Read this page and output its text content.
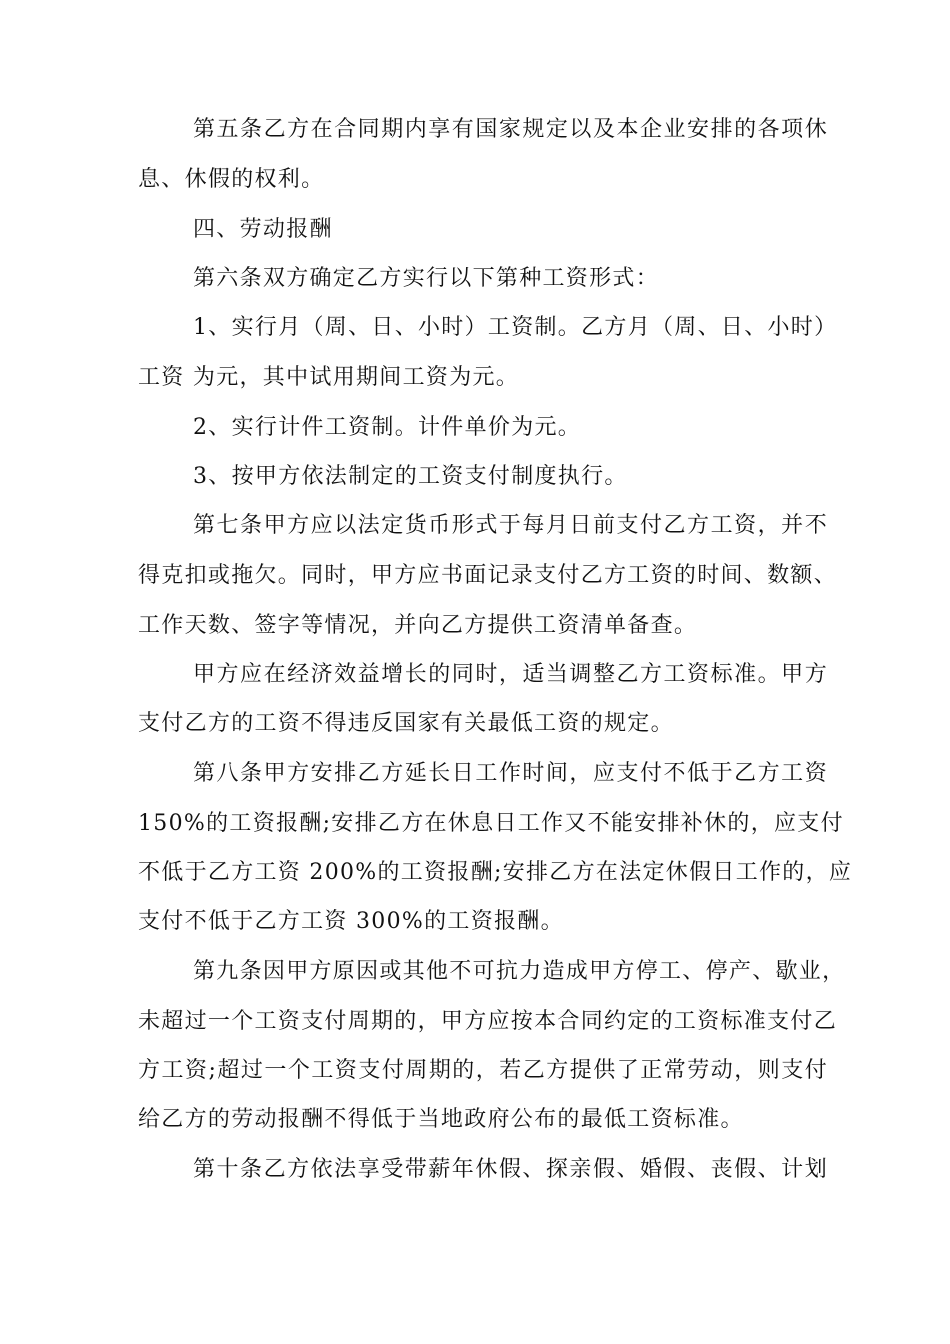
第五条乙方在合同期内享有国家规定以及本企业安排的各项休
息、休假的权利。
四、劳动报酬
第六条双方确定乙方实行以下第种工资形式：
1、实行月（周、日、小时）工资制。乙方月（周、日、小时）
工资 为元，其中试用期间工资为元。
2、实行计件工资制。计件单价为元。
3、按甲方依法制定的工资支付制度执行。
第七条甲方应以法定货币形式于每月日前支付乙方工资，并不
得克扣或拖欠。同时，甲方应书面记录支付乙方工资的时间、数额、
工作天数、签字等情况，并向乙方提供工资清单备查。
甲方应在经济效益增长的同时，适当调整乙方工资标准。甲方
支付乙方的工资不得违反国家有关最低工资的规定。
第八条甲方安排乙方延长日工作时间，应支付不低于乙方工资
150%的工资报酬;安排乙方在休息日工作又不能安排补休的，应支付
不低于乙方工资 200%的工资报酬;安排乙方在法定休假日工作的，应
支付不低于乙方工资 300%的工资报酬。
第九条因甲方原因或其他不可抗力造成甲方停工、停产、歇业，
未超过一个工资支付周期的，甲方应按本合同约定的工资标准支付乙
方工资;超过一个工资支付周期的，若乙方提供了正常劳动，则支付
给乙方的劳动报酬不得低于当地政府公布的最低工资标准。
第十条乙方依法享受带薪年休假、探亲假、婚假、丧假、计划
